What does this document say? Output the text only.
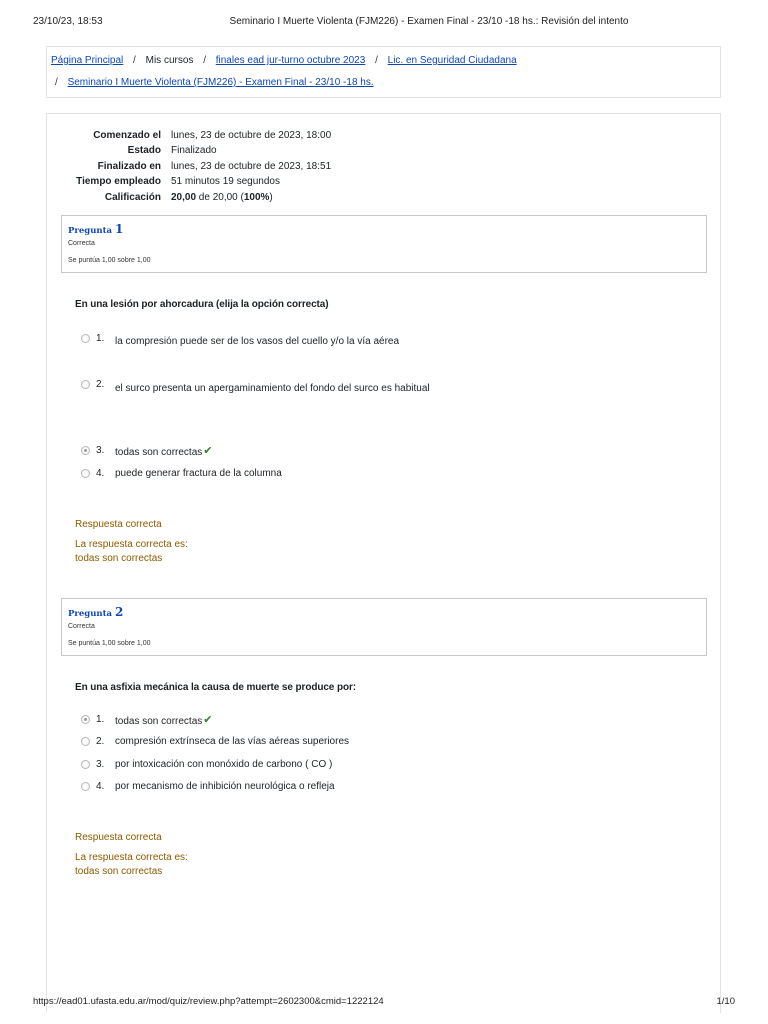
23/10/23, 18:53	Seminario I Muerte Violenta (FJM226) - Examen Final - 23/10 -18 hs.: Revisión del intento
Página Principal / Mis cursos / finales ead jur-turno octubre 2023 / Lic. en Seguridad Ciudadana
/ Seminario I Muerte Violenta (FJM226) - Examen Final - 23/10 -18 hs.
Comenzado el lunes, 23 de octubre de 2023, 18:00
Estado Finalizado
Finalizado en lunes, 23 de octubre de 2023, 18:51
Tiempo empleado 51 minutos 19 segundos
Calificación 20,00 de 20,00 (100%)
Pregunta 1
Correcta
Se puntúa 1,00 sobre 1,00
En una lesión por ahorcadura (elija la opción correcta)
1. la compresión puede ser de los vasos del cuello y/o la vía aérea
2. el surco presenta un apergaminamiento del fondo del surco es habitual
3. todas son correctas✔
4. puede generar fractura de la columna
Respuesta correcta
La respuesta correcta es:
todas son correctas
Pregunta 2
Correcta
Se puntúa 1,00 sobre 1,00
En una asfixia mecánica la causa de muerte se produce por:
1. todas son correctas✔
2. compresión extrínseca de las vías aéreas superiores
3. por intoxicación con monóxido de carbono ( CO )
4. por mecanismo de inhibición neurológica o refleja
Respuesta correcta
La respuesta correcta es:
todas son correctas
https://ead01.ufasta.edu.ar/mod/quiz/review.php?attempt=2602300&cmid=1222124	1/10
